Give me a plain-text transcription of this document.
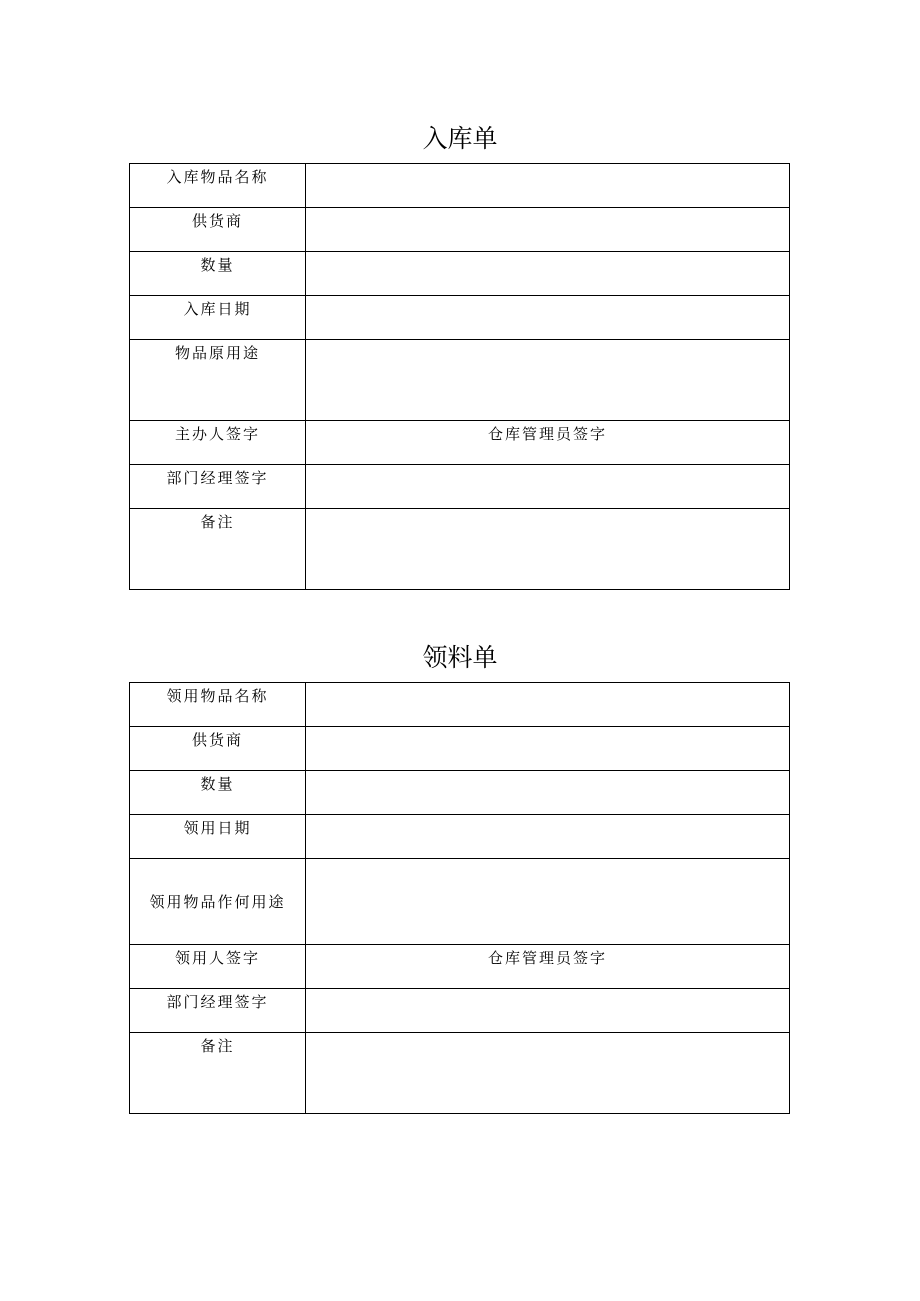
入库单
入库物品名称	
供货商	
数量	
入库日期	
物品原用途	
主办人签字	仓库管理员签字
部门经理签字	
备注	
领料单
领用物品名称	
供货商	
数量	
领用日期	
领用物品作何用途	
领用人签字	仓库管理员签字
部门经理签字	
备注	
